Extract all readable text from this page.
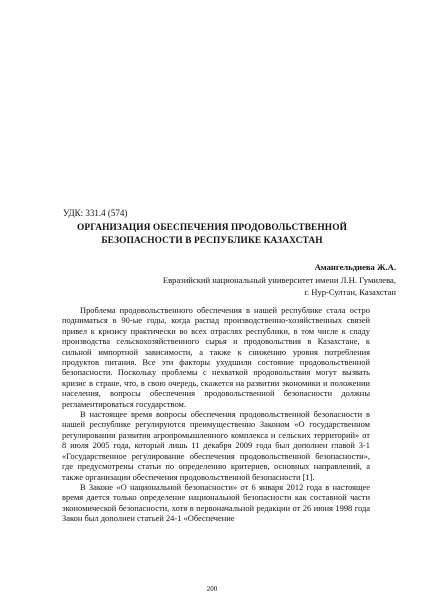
УДК: 331.4 (574)
ОРГАНИЗАЦИЯ ОБЕСПЕЧЕНИЯ ПРОДОВОЛЬСТВЕННОЙ
БЕЗОПАСНОСТИ В РЕСПУБЛИКЕ КАЗАХСТАН
Амангельдиева Ж.А.
Евразийский национальный университет имени Л.Н. Гумилева,
г. Нур-Султан, Казахстан

Проблема продовольственного обеспечения в нашей республике стала остро подниматься в 90-ые годы, когда распад производственно-хозяйственных связей привел к кризису практически во всех отраслях республики, в том числе к спаду производства сельскохозяйственного сырья и продовольствия в Казахстане, к сильной импортной зависимости, а также к снижению уровня потребления продуктов питания. Все эти факторы ухудшили состояние продовольственной безопасности. Поскольку проблемы с нехваткой продовольствия могут вызвать кризис в стране, что, в свою очередь, скажется на развитии экономики и положении населения, вопросы обеспечения продовольственной безопасности должны регламентироваться государством.

В настоящее время вопросы обеспечения продовольственной безопасности в нашей республике регулируются преимущественно Законом «О государственном регулировании развития агропромышленного комплекса и сельских территорий» от 8 июля 2005 года, который лишь 11 декабря 2009 года был дополнен главой 3-1 «Государственное регулирование обеспечения продовольственной безопасности», где предусмотрены статьи по определению критериев, основных направлений, а также организации обеспечения продовольственной безопасности [1].

В Законе «О национальной безопасности» от 6 января 2012 года в настоящее время дается только определение национальной безопасности как составной части экономической безопасности, хотя в первоначальной редакции от 26 июня 1998 года Закон был дополнен статьей 24-1 «Обеспечение

200
